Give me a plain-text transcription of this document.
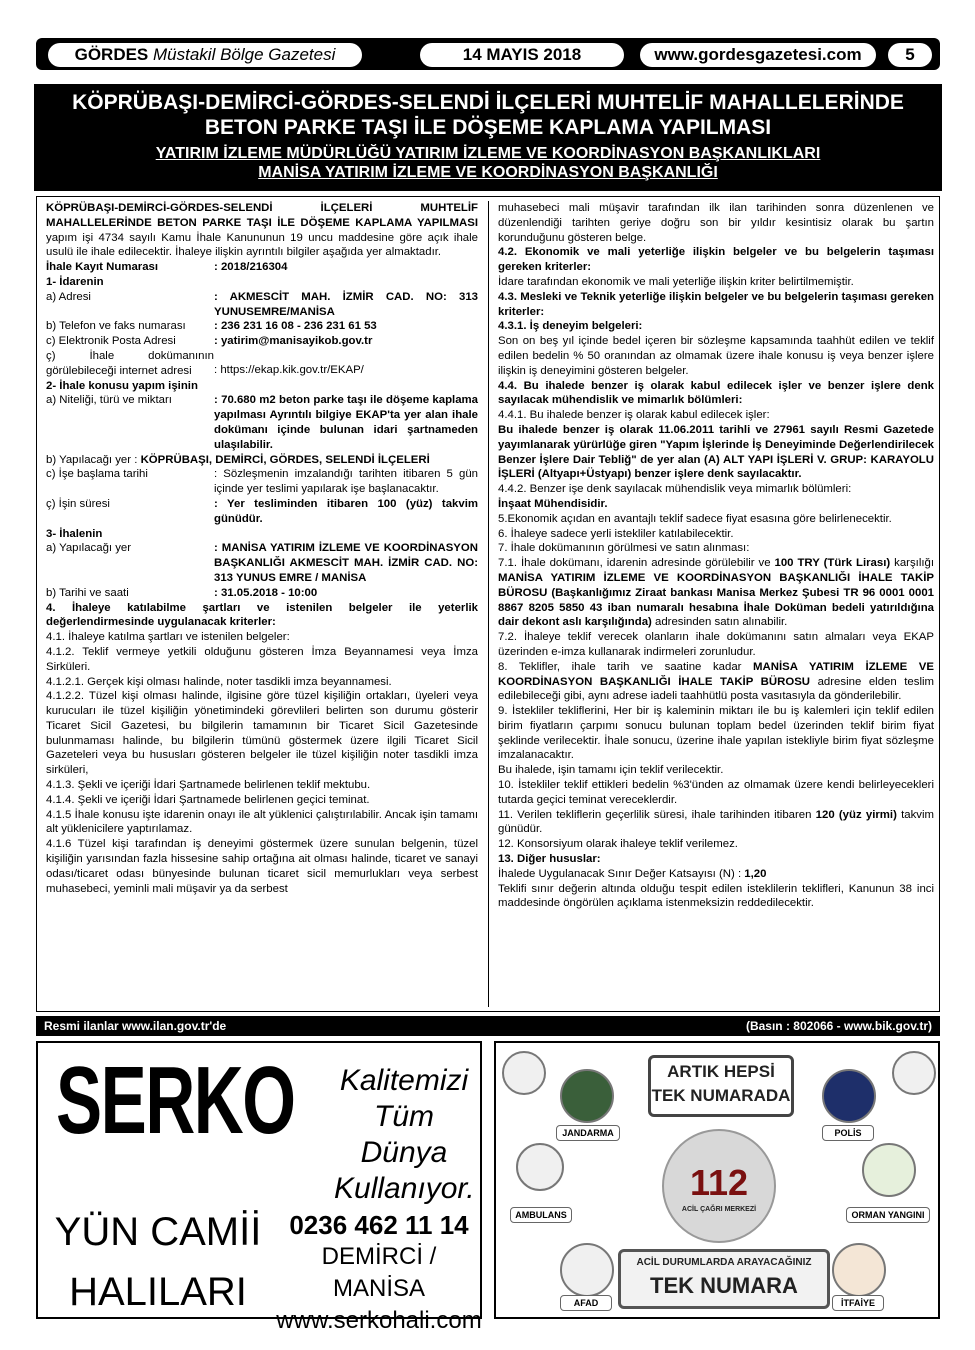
GÖRDES Müstakil Bölge Gazetesi	14 MAYIS 2018	www.gordesgazetesi.com	5
KÖPRÜBAŞI-DEMİRCİ-GÖRDES-SELENDİ İLÇELERİ MUHTELİF MAHALLELERİNDE
BETON PARKE TAŞI İLE DÖŞEME KAPLAMA YAPILMASI
YATIRIM İZLEME MÜDÜRLÜĞÜ YATIRIM İZLEME VE KOORDİNASYON BAŞKANLIKLARI
MANİSA YATIRIM İZLEME VE KOORDİNASYON BAŞKANLIĞI

KÖPRÜBAŞI-DEMİRCİ-GÖRDES-SELENDİ İLÇELERİ MUHTELİF MAHALLELERİNDE BETON PARKE TAŞI İLE DÖŞEME KAPLAMA YAPILMASI yapım işi 4734 sayılı Kamu İhale Kanununun 19 uncu maddesine göre açık ihale usulü ile ihale edilecektir. İhaleye ilişkin ayrıntılı bilgiler aşağıda yer almaktadır.

İhale Kayıt Numarası	: 2018/216304

1- İdarenin

a) Adresi	: AKMESCİT MAH. İZMİR CAD. NO: 313 YUNUSEMRE/MANİSA
b) Telefon ve faks numarası	: 236 231 16 08 - 236 231 61 53
c) Elektronik Posta Adresi	: yatirim@manisayikob.gov.tr
ç) İhale dokümanının görülebileceği internet adresi	: https://ekap.kik.gov.tr/EKAP/

2- İhale konusu yapım işinin

a) Niteliği, türü ve miktarı	: 70.680 m2 beton parke taşı ile döşeme kaplama yapılması Ayrıntılı bilgiye EKAP'ta yer alan ihale dokümanı içinde bulunan idari şartnameden ulaşılabilir.

b) Yapılacağı yer : KÖPRÜBAŞI, DEMİRCİ, GÖRDES, SELENDİ İLÇELERİ

c) İşe başlama tarihi	: Sözleşmenin imzalandığı tarihten itibaren 5 gün içinde yer teslimi yapılarak işe başlanacaktır.
ç) İşin süresi	: Yer tesliminden itibaren 100 (yüz) takvim günüdür.

3- İhalenin

a) Yapılacağı yer	: MANİSA YATIRIM İZLEME VE KOORDİNASYON BAŞKANLIĞI AKMESCİT MAH. İZMİR CAD. NO: 313 YUNUS EMRE / MANİSA
b) Tarihi ve saati	: 31.05.2018 - 10:00

4. İhaleye katılabilme şartları ve istenilen belgeler ile yeterlik değerlendirmesinde uygulanacak kriterler:

4.1. İhaleye katılma şartları ve istenilen belgeler:

4.1.2. Teklif vermeye yetkili olduğunu gösteren İmza Beyannamesi veya İmza Sirküleri.

4.1.2.1. Gerçek kişi olması halinde, noter tasdikli imza beyannamesi.

4.1.2.2. Tüzel kişi olması halinde, ilgisine göre tüzel kişiliğin ortakları, üyeleri veya kurucuları ile tüzel kişiliğin yönetimindeki görevlileri belirten son durumu gösterir Ticaret Sicil Gazetesi, bu bilgilerin tamamının bir Ticaret Sicil Gazetesinde bulunmaması halinde, bu bilgilerin tümünü göstermek üzere ilgili Ticaret Sicil Gazeteleri veya bu hususları gösteren belgeler ile tüzel kişiliğin noter tasdikli imza sirküleri,

4.1.3. Şekli ve içeriği İdari Şartnamede belirlenen teklif mektubu.

4.1.4. Şekli ve içeriği İdari Şartnamede belirlenen geçici teminat.

4.1.5 İhale konusu işte idarenin onayı ile alt yüklenici çalıştırılabilir. Ancak işin tamamı alt yüklenicilere yaptırılamaz.

4.1.6 Tüzel kişi tarafından iş deneyimi göstermek üzere sunulan belgenin, tüzel kişiliğin yarısından fazla hissesine sahip ortağına ait olması halinde, ticaret ve sanayi odası/ticaret odası bünyesinde bulunan ticaret sicil memurlukları veya serbest muhasebeci, yeminli mali müşavir ya da serbest

muhasebeci mali müşavir tarafından ilk ilan tarihinden sonra düzenlenen ve düzenlendiği tarihten geriye doğru son bir yıldır kesintisiz olarak bu şartın korunduğunu gösteren belge.

4.2. Ekonomik ve mali yeterliğe ilişkin belgeler ve bu belgelerin taşıması gereken kriterler:

İdare tarafından ekonomik ve mali yeterliğe ilişkin kriter belirtilmemiştir.

4.3. Mesleki ve Teknik yeterliğe ilişkin belgeler ve bu belgelerin taşıması gereken kriterler:

4.3.1. İş deneyim belgeleri:

Son on beş yıl içinde bedel içeren bir sözleşme kapsamında taahhüt edilen ve teklif edilen bedelin % 50 oranından az olmamak üzere ihale konusu iş veya benzer işlere ilişkin iş deneyimini gösteren belgeler.

4.4. Bu ihalede benzer iş olarak kabul edilecek işler ve benzer işlere denk sayılacak mühendislik ve mimarlık bölümleri:

4.4.1. Bu ihalede benzer iş olarak kabul edilecek işler:

Bu ihalede benzer iş olarak 11.06.2011 tarihli ve 27961 sayılı Resmi Gazetede yayımlanarak yürürlüğe giren "Yapım İşlerinde İş Deneyiminde Değerlendirilecek Benzer İşlere Dair Tebliğ" de yer alan (A) ALT YAPI İŞLERİ V. GRUP: KARAYOLU İŞLERİ (Altyapı+Üstyapı) benzer işlere denk sayılacaktır.

4.4.2. Benzer işe denk sayılacak mühendislik veya mimarlık bölümleri:

İnşaat Mühendisidir.

5.Ekonomik açıdan en avantajlı teklif sadece fiyat esasına göre belirlenecektir.

6. İhaleye sadece yerli istekliler katılabilecektir.

7. İhale dokümanının görülmesi ve satın alınması:

7.1. İhale dokümanı, idarenin adresinde görülebilir ve 100 TRY (Türk Lirası) karşılığı MANİSA YATIRIM İZLEME VE KOORDİNASYON BAŞKANLIĞI İHALE TAKİP BÜROSU (Başkanlığımız Ziraat bankası Manisa Merkez Şubesi TR 96 0001 0001 8867 8205 5850 43 iban numaralı hesabına İhale Doküman bedeli yatırıldığına dair dekont aslı karşılığında) adresinden satın alınabilir.

7.2. İhaleye teklif verecek olanların ihale dokümanını satın almaları veya EKAP üzerinden e-imza kullanarak indirmeleri zorunludur.

8. Teklifler, ihale tarih ve saatine kadar MANİSA YATIRIM İZLEME VE KOORDİNASYON BAŞKANLIĞI İHALE TAKİP BÜROSU adresine elden teslim edilebileceği gibi, aynı adrese iadeli taahhütlü posta vasıtasıyla da gönderilebilir.

9. İstekliler tekliflerini, Her bir iş kaleminin miktarı ile bu iş kalemleri için teklif edilen birim fiyatların çarpımı sonucu bulunan toplam bedel üzerinden teklif birim fiyat şeklinde verilecektir. İhale sonucu, üzerine ihale yapılan istekliyle birim fiyat sözleşme imzalanacaktır.

Bu ihalede, işin tamamı için teklif verilecektir.

10. İstekliler teklif ettikleri bedelin %3'ünden az olmamak üzere kendi belirleyecekleri tutarda geçici teminat vereceklerdir.

11. Verilen tekliflerin geçerlilik süresi, ihale tarihinden itibaren 120 (yüz yirmi) takvim günüdür.

12. Konsorsiyum olarak ihaleye teklif verilemez.

13. Diğer hususlar:

İhalede Uygulanacak Sınır Değer Katsayısı (N) : 1,20

Teklifi sınır değerin altında olduğu tespit edilen isteklilerin teklifleri, Kanunun 38 inci maddesinde öngörülen açıklama istenmeksizin reddedilecektir.

Resmi ilanlar www.ilan.gov.tr'de	(Basın : 802066 - www.bik.gov.tr)
SERKO Kalitemizi
Tüm Dünya
Kullanıyor.
YÜN CAMİİ
HALILARI
0236 462 11 14
DEMİRCİ / MANİSA
www.serkohali.com
ARTIK HEPSİ
TEK NUMARADA
JANDARMA	POLİS
112
ACİL ÇAĞRI MERKEZİ
AMBULANS	ORMAN YANGINI
AFAD	İTFAİYE
ACİL DURUMLARDA ARAYACAĞINIZ
TEK NUMARA
